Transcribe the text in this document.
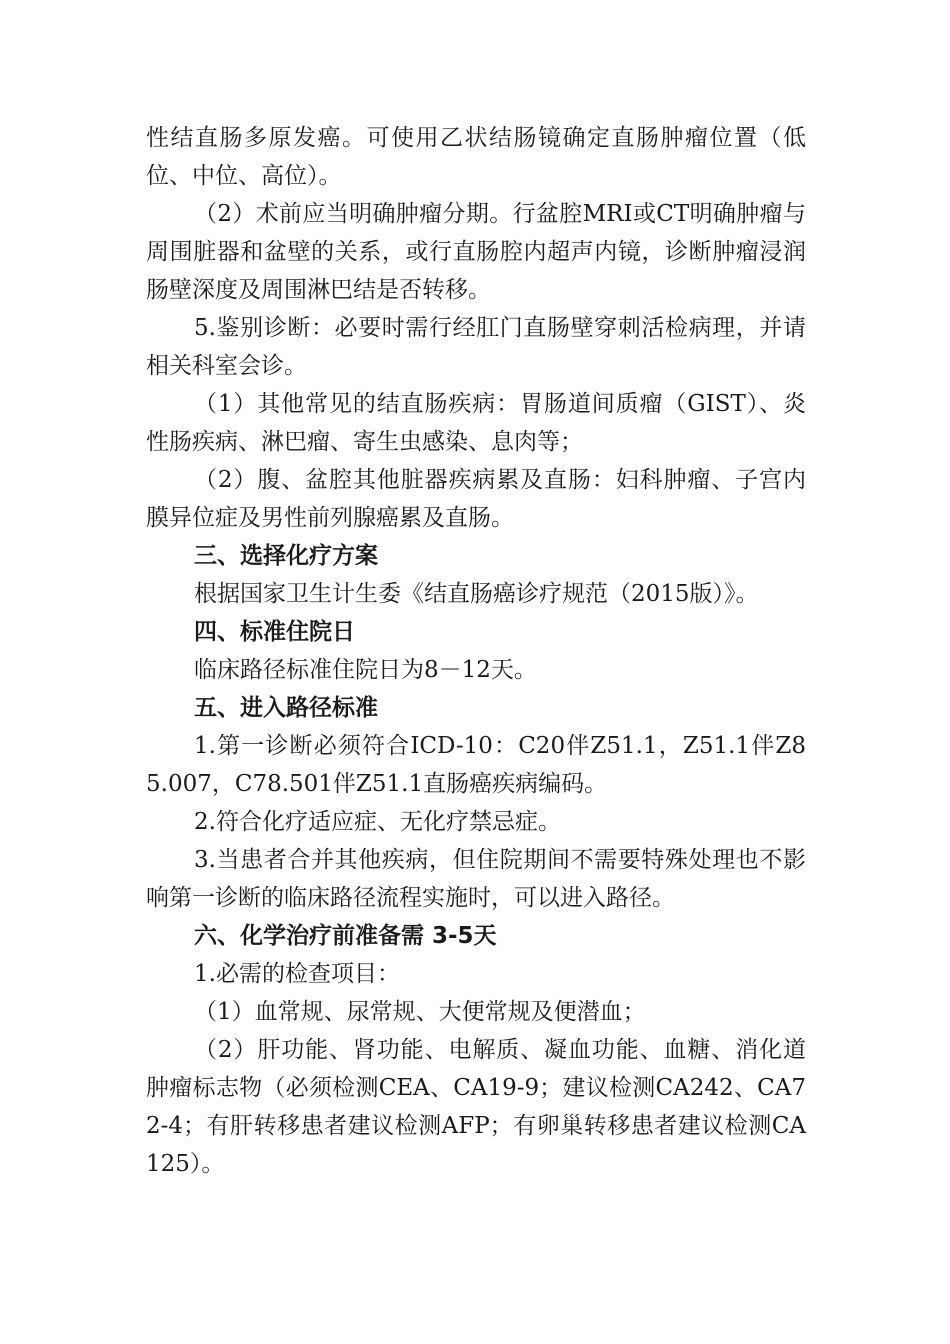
性结直肠多原发癌。可使用乙状结肠镜确定直肠肿瘤位置（低位、中位、高位）。

（2）术前应当明确肿瘤分期。行盆腔MRI或CT明确肿瘤与周围脏器和盆壁的关系，或行直肠腔内超声内镜，诊断肿瘤浸润肠壁深度及周围淋巴结是否转移。

5.鉴别诊断：必要时需行经肛门直肠壁穿刺活检病理，并请相关科室会诊。

（1）其他常见的结直肠疾病：胃肠道间质瘤（GIST）、炎性肠疾病、淋巴瘤、寄生虫感染、息肉等；

（2）腹、盆腔其他脏器疾病累及直肠：妇科肿瘤、子宫内膜异位症及男性前列腺癌累及直肠。

三、选择化疗方案

根据国家卫生计生委《结直肠癌诊疗规范（2015版）》。

四、标准住院日

临床路径标准住院日为8－12天。

五、进入路径标准

1.第一诊断必须符合ICD-10：C20伴Z51.1，Z51.1伴Z85.007，C78.501伴Z51.1直肠癌疾病编码。

2.符合化疗适应症、无化疗禁忌症。

3.当患者合并其他疾病，但住院期间不需要特殊处理也不影响第一诊断的临床路径流程实施时，可以进入路径。

六、化学治疗前准备需 3-5天

1.必需的检查项目：

（1）血常规、尿常规、大便常规及便潜血；

（2）肝功能、肾功能、电解质、凝血功能、血糖、消化道肿瘤标志物（必须检测CEA、CA19-9；建议检测CA242、CA72-4；有肝转移患者建议检测AFP；有卵巢转移患者建议检测CA125）。
